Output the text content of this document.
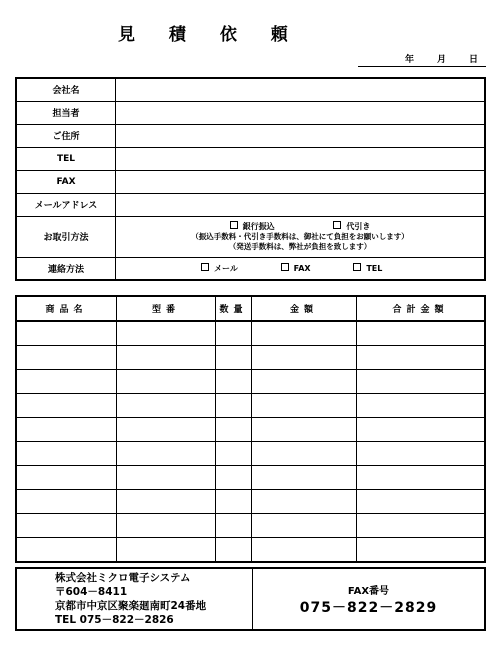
見 積 依 頼
年	月	日
会社名	
担当者	
ご住所	
TEL	
FAX	
メールアドレス	
お取引方法	銀行振込 代引き
（振込手数料・代引き手数料は、御社にて負担をお願いします）
（発送手数料は、弊社が負担を致します）

連絡方法	メール FAX TEL
商品名	型番	数量	金額	合計金額

株式会社ミクロ電子システム
〒604－8411
京都市中京区聚楽廻南町24番地
TEL 075－822－2826

FAX番号
075－822－2829
